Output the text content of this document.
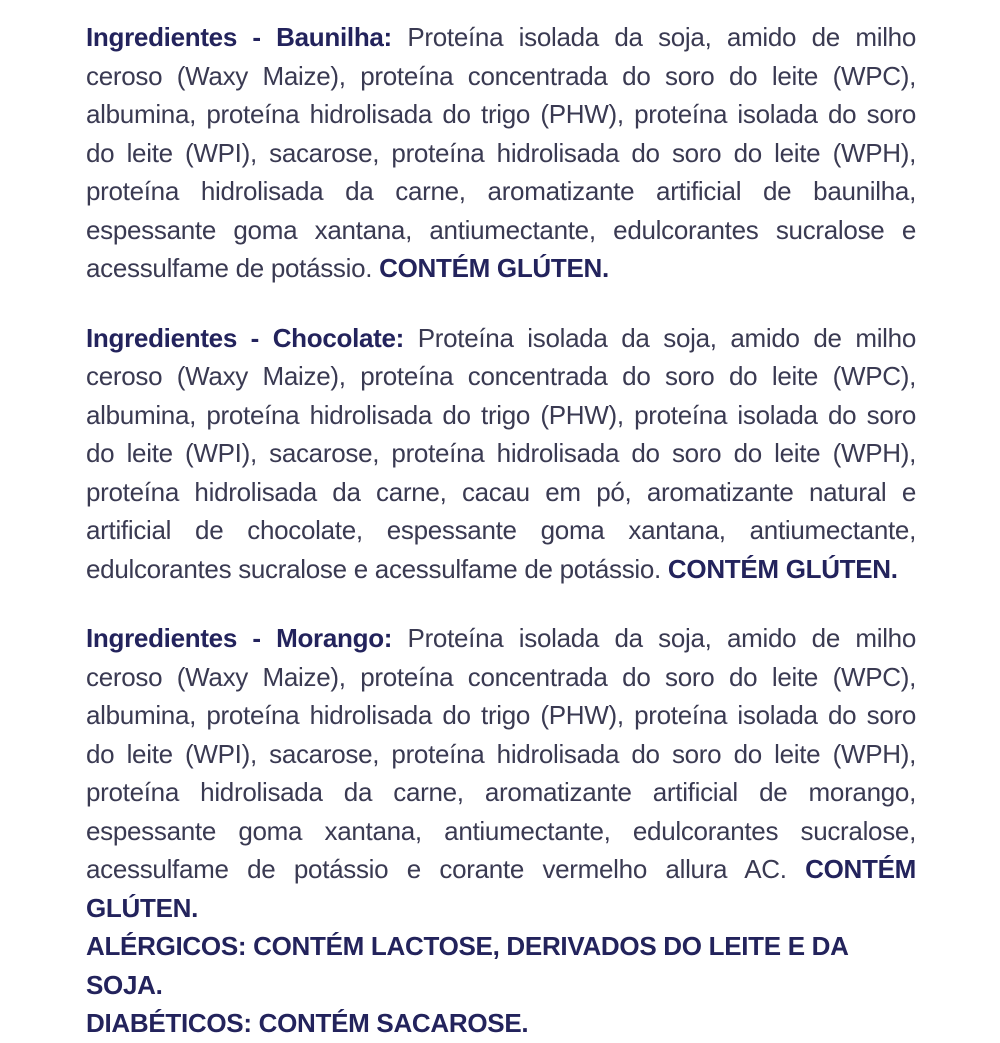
Ingredientes - Baunilha: Proteína isolada da soja, amido de milho ceroso (Waxy Maize), proteína concentrada do soro do leite (WPC), albumina, proteína hidrolisada do trigo (PHW), proteína isolada do soro do leite (WPI), sacarose, proteína hidrolisada do soro do leite (WPH), proteína hidrolisada da carne, aromatizante artificial de baunilha, espessante goma xantana, antiumectante, edulcorantes sucralose e acessulfame de potássio. CONTÉM GLÚTEN.

Ingredientes - Chocolate: Proteína isolada da soja, amido de milho ceroso (Waxy Maize), proteína concentrada do soro do leite (WPC), albumina, proteína hidrolisada do trigo (PHW), proteína isolada do soro do leite (WPI), sacarose, proteína hidrolisada do soro do leite (WPH), proteína hidrolisada da carne, cacau em pó, aromatizante natural e artificial de chocolate, espessante goma xantana, antiumectante, edulcorantes sucralose e acessulfame de potássio. CONTÉM GLÚTEN.

Ingredientes - Morango: Proteína isolada da soja, amido de milho ceroso (Waxy Maize), proteína concentrada do soro do leite (WPC), albumina, proteína hidrolisada do trigo (PHW), proteína isolada do soro do leite (WPI), sacarose, proteína hidrolisada do soro do leite (WPH), proteína hidrolisada da carne, aromatizante artificial de morango, espessante goma xantana, antiumectante, edulcorantes sucralose, acessulfame de potássio e corante vermelho allura AC. CONTÉM GLÚTEN.

ALÉRGICOS: CONTÉM LACTOSE, DERIVADOS DO LEITE E DA SOJA.

DIABÉTICOS: CONTÉM SACAROSE.
